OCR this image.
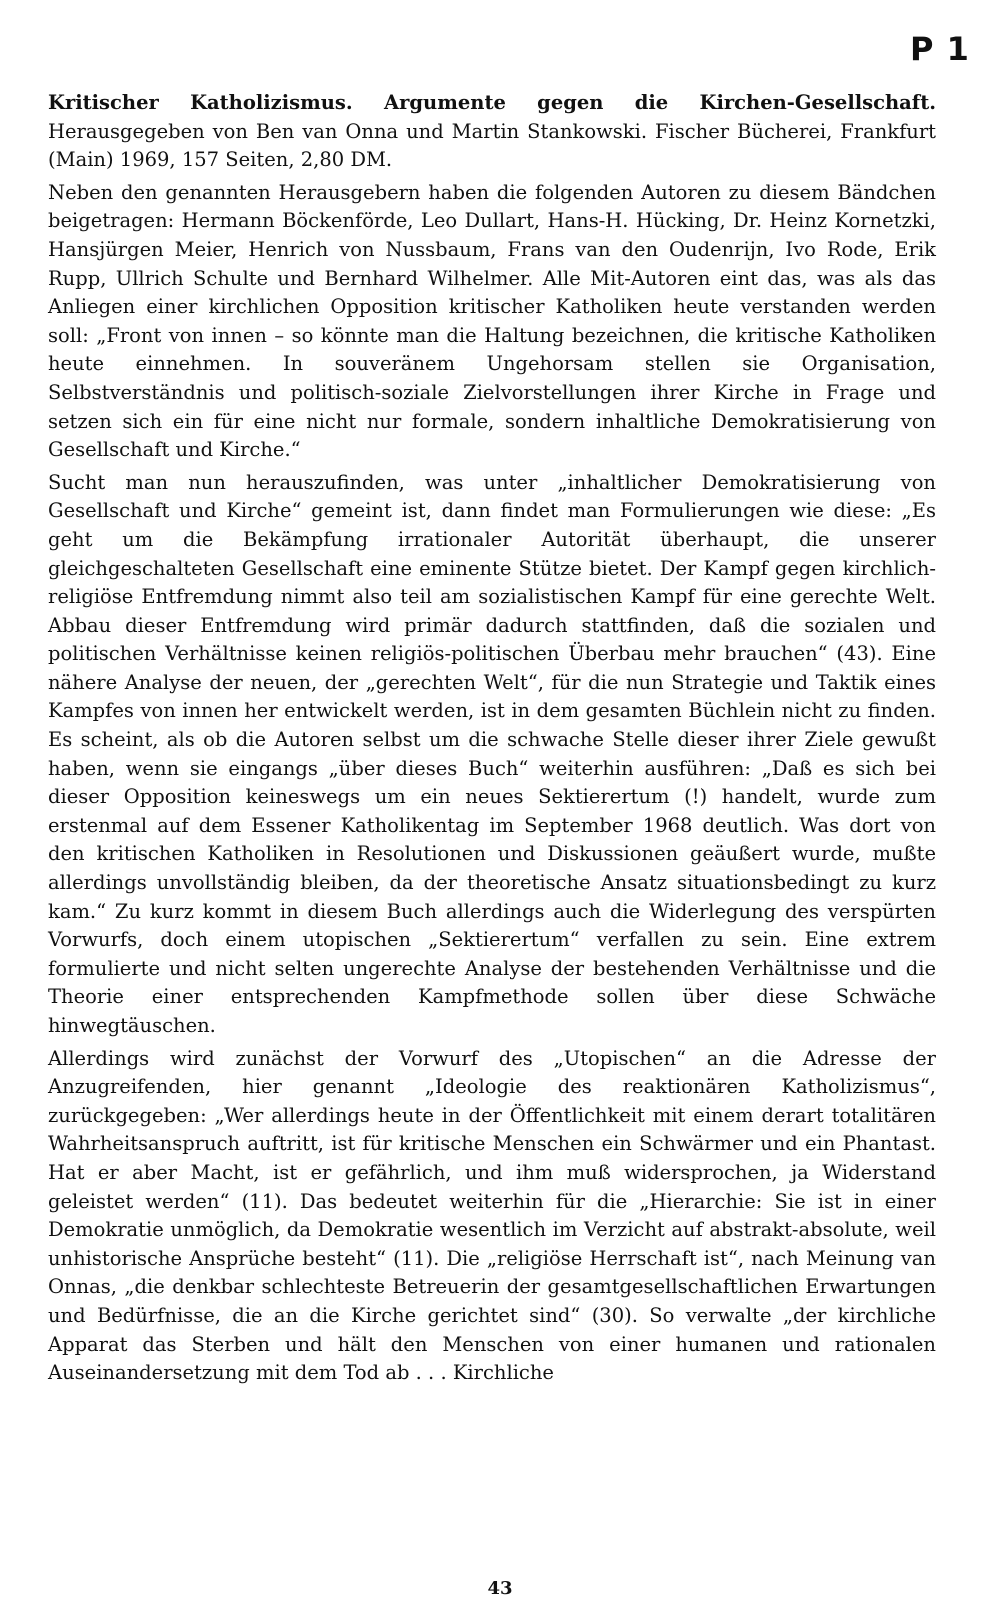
P 1

Kritischer Katholizismus. Argumente gegen die Kirchen-Gesellschaft. Herausgegeben von Ben van Onna und Martin Stankowski. Fischer Bücherei, Frankfurt (Main) 1969, 157 Seiten, 2,80 DM.

Neben den genannten Herausgebern haben die folgenden Autoren zu diesem Bändchen beigetragen: Hermann Böckenförde, Leo Dullart, Hans-H. Hücking, Dr. Heinz Kornetzki, Hansjürgen Meier, Henrich von Nussbaum, Frans van den Oudenrijn, Ivo Rode, Erik Rupp, Ullrich Schulte und Bernhard Wilhelmer. Alle Mit-Autoren eint das, was als das Anliegen einer kirchlichen Opposition kritischer Katholiken heute verstanden werden soll: „Front von innen – so könnte man die Haltung bezeichnen, die kritische Katholiken heute einnehmen. In souveränem Ungehorsam stellen sie Organisation, Selbstverständnis und politisch-soziale Zielvorstellungen ihrer Kirche in Frage und setzen sich ein für eine nicht nur formale, sondern inhaltliche Demokratisierung von Gesellschaft und Kirche.“

Sucht man nun herauszufinden, was unter „inhaltlicher Demokratisierung von Gesellschaft und Kirche“ gemeint ist, dann findet man Formulierungen wie diese: „Es geht um die Bekämpfung irrationaler Autorität überhaupt, die unserer gleichgeschalteten Gesellschaft eine eminente Stütze bietet. Der Kampf gegen kirchlich-religiöse Entfremdung nimmt also teil am sozialistischen Kampf für eine gerechte Welt. Abbau dieser Entfremdung wird primär dadurch stattfinden, daß die sozialen und politischen Verhältnisse keinen religiös-politischen Überbau mehr brauchen“ (43). Eine nähere Analyse der neuen, der „gerechten Welt“, für die nun Strategie und Taktik eines Kampfes von innen her entwickelt werden, ist in dem gesamten Büchlein nicht zu finden. Es scheint, als ob die Autoren selbst um die schwache Stelle dieser ihrer Ziele gewußt haben, wenn sie eingangs „über dieses Buch“ weiterhin ausführen: „Daß es sich bei dieser Opposition keineswegs um ein neues Sektierertum (!) handelt, wurde zum erstenmal auf dem Essener Katholikentag im September 1968 deutlich. Was dort von den kritischen Katholiken in Resolutionen und Diskussionen geäußert wurde, mußte allerdings unvollständig bleiben, da der theoretische Ansatz situationsbedingt zu kurz kam.“ Zu kurz kommt in diesem Buch allerdings auch die Widerlegung des verspürten Vorwurfs, doch einem utopischen „Sektierertum“ verfallen zu sein. Eine extrem formulierte und nicht selten ungerechte Analyse der bestehenden Verhältnisse und die Theorie einer entsprechenden Kampfmethode sollen über diese Schwäche hinwegtäuschen.

Allerdings wird zunächst der Vorwurf des „Utopischen“ an die Adresse der Anzugreifenden, hier genannt „Ideologie des reaktionären Katholizismus“, zurückgegeben: „Wer allerdings heute in der Öffentlichkeit mit einem derart totalitären Wahrheitsanspruch auftritt, ist für kritische Menschen ein Schwärmer und ein Phantast. Hat er aber Macht, ist er gefährlich, und ihm muß widersprochen, ja Widerstand geleistet werden“ (11). Das bedeutet weiterhin für die „Hierarchie: Sie ist in einer Demokratie unmöglich, da Demokratie wesentlich im Verzicht auf abstrakt-absolute, weil unhistorische Ansprüche besteht“ (11). Die „religiöse Herrschaft ist“, nach Meinung van Onnas, „die denkbar schlechteste Betreuerin der gesamtgesellschaftlichen Erwartungen und Bedürfnisse, die an die Kirche gerichtet sind“ (30). So verwalte „der kirchliche Apparat das Sterben und hält den Menschen von einer humanen und rationalen Auseinandersetzung mit dem Tod ab . . . Kirchliche

43
